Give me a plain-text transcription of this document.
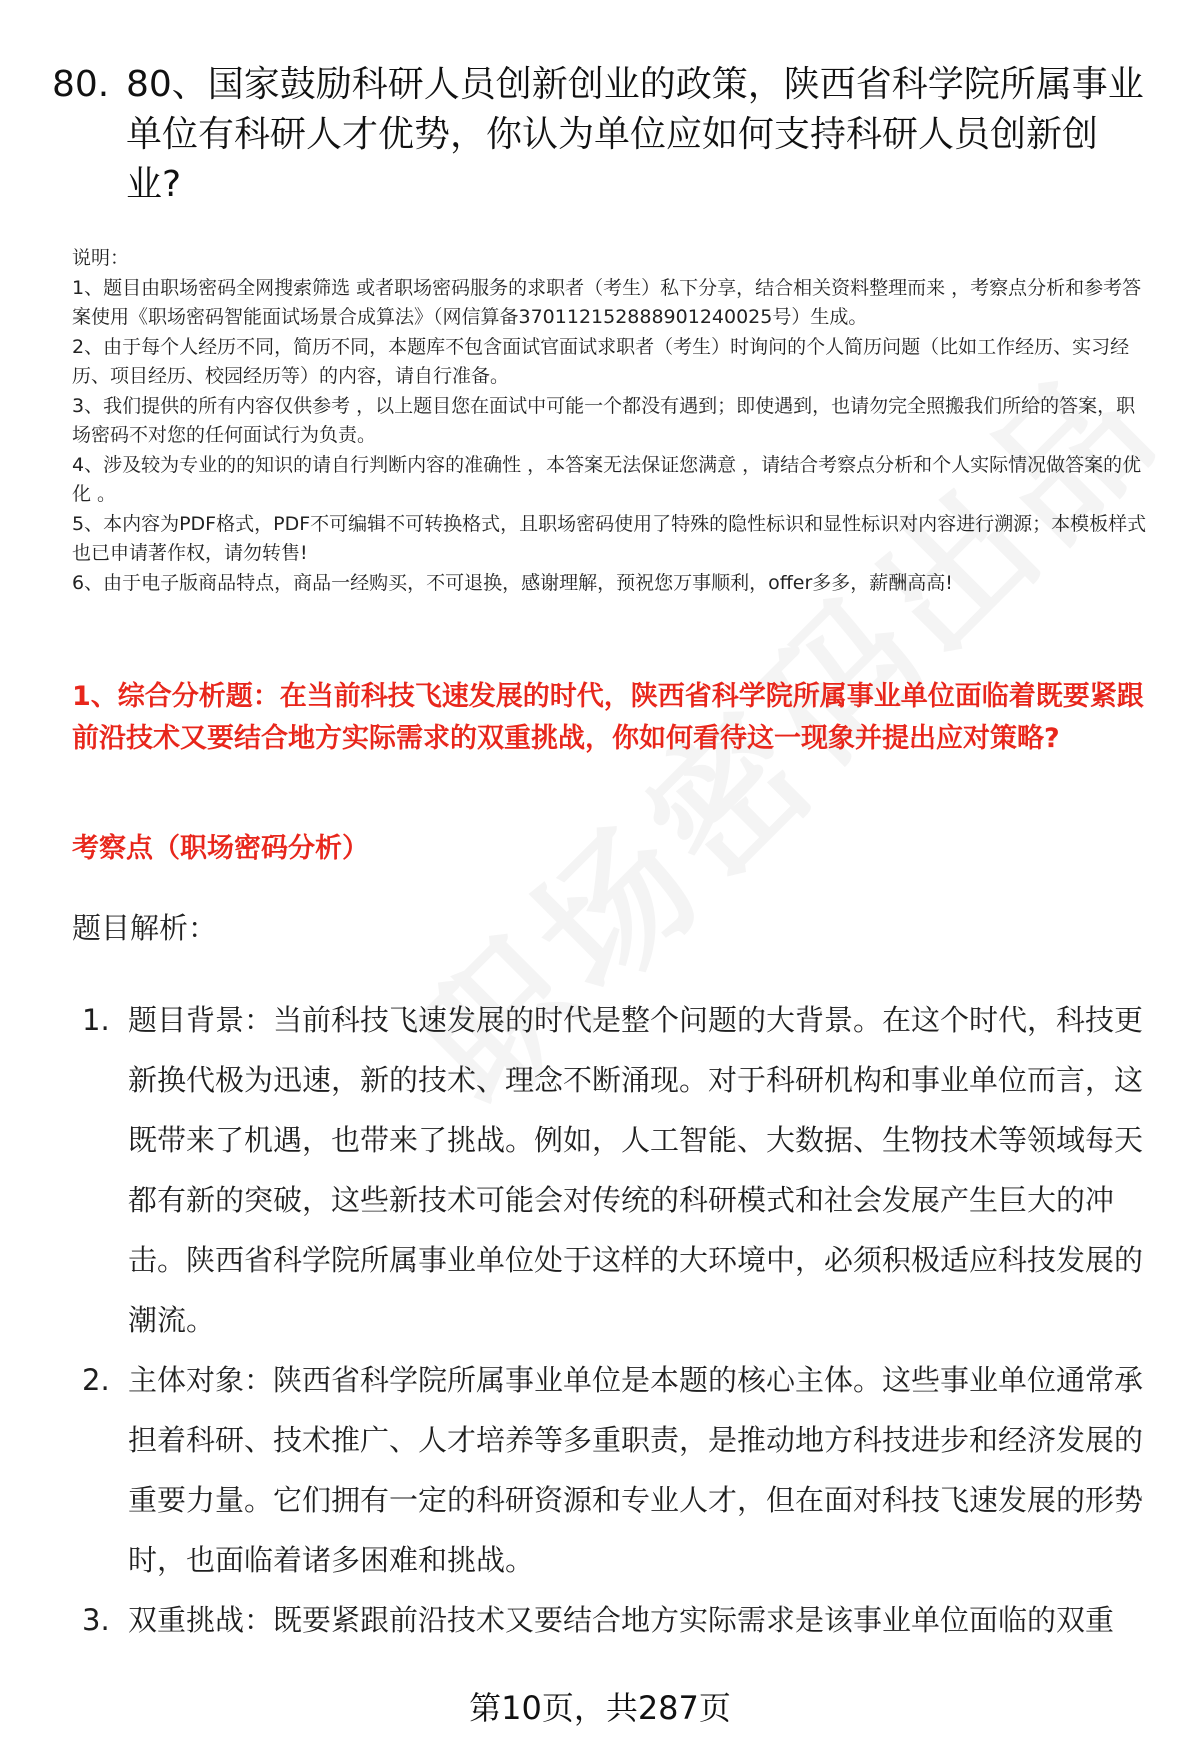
80. 80、国家鼓励科研人员创新创业的政策，陕西省科学院所属事业单位有科研人才优势，你认为单位应如何支持科研人员创新创业?

说明：

1、题目由职场密码全网搜索筛选 或者职场密码服务的求职者（考生）私下分享，结合相关资料整理而来 ，考察点分析和参考答案使用《职场密码智能面试场景合成算法》（网信算备370112152888901240025号）生成。

2、由于每个人经历不同，简历不同，本题库不包含面试官面试求职者（考生）时询问的个人简历问题（比如工作经历、实习经历、项目经历、校园经历等）的内容，请自行准备。

3、我们提供的所有内容仅供参考 ，以上题目您在面试中可能一个都没有遇到；即使遇到，也请勿完全照搬我们所给的答案，职场密码不对您的任何面试行为负责。

4、涉及较为专业的的知识的请自行判断内容的准确性 ，本答案无法保证您满意 ，请结合考察点分析和个人实际情况做答案的优化 。

5、本内容为PDF格式，PDF不可编辑不可转换格式，且职场密码使用了特殊的隐性标识和显性标识对内容进行溯源；本模板样式也已申请著作权，请勿转售!

6、由于电子版商品特点，商品一经购买，不可退换，感谢理解，预祝您万事顺利，offer多多，薪酬高高!

1、综合分析题：在当前科技飞速发展的时代，陕西省科学院所属事业单位面临着既要紧跟前沿技术又要结合地方实际需求的双重挑战，你如何看待这一现象并提出应对策略?
考察点（职场密码分析）
题目解析：
1. 题目背景：当前科技飞速发展的时代是整个问题的大背景。在这个时代，科技更新换代极为迅速，新的技术、理念不断涌现。对于科研机构和事业单位而言，这既带来了机遇，也带来了挑战。例如，人工智能、大数据、生物技术等领域每天都有新的突破，这些新技术可能会对传统的科研模式和社会发展产生巨大的冲击。陕西省科学院所属事业单位处于这样的大环境中，必须积极适应科技发展的潮流。
2. 主体对象：陕西省科学院所属事业单位是本题的核心主体。这些事业单位通常承担着科研、技术推广、人才培养等多重职责，是推动地方科技进步和经济发展的重要力量。它们拥有一定的科研资源和专业人才，但在面对科技飞速发展的形势时，也面临着诸多困难和挑战。
3. 双重挑战：既要紧跟前沿技术又要结合地方实际需求是该事业单位面临的双重
第10页，共287页
